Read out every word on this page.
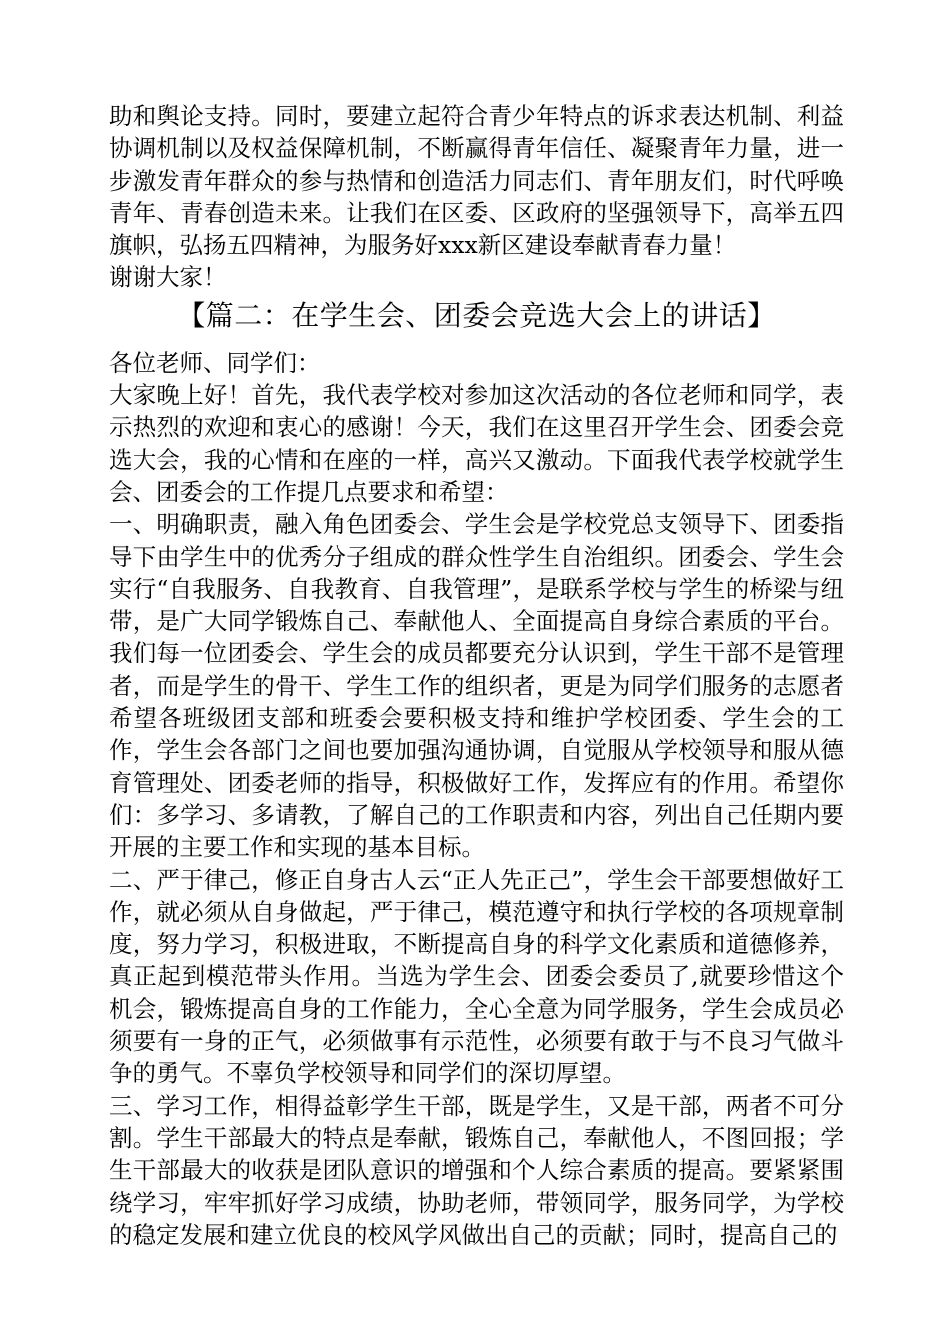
助和舆论支持。同时，要建立起符合青少年特点的诉求表达机制、利益协调机制以及权益保障机制，不断赢得青年信任、凝聚青年力量，进一步激发青年群众的参与热情和创造活力同志们、青年朋友们，时代呼唤青年、青春创造未来。让我们在区委、区政府的坚强领导下，高举五四旗帜，弘扬五四精神，为服务好xxx新区建设奉献青春力量！

谢谢大家！

【篇二：在学生会、团委会竞选大会上的讲话】

各位老师、同学们：

大家晚上好！首先，我代表学校对参加这次活动的各位老师和同学，表示热烈的欢迎和衷心的感谢！今天，我们在这里召开学生会、团委会竞选大会，我的心情和在座的一样，高兴又激动。下面我代表学校就学生会、团委会的工作提几点要求和希望：

一、明确职责，融入角色团委会、学生会是学校党总支领导下、团委指导下由学生中的优秀分子组成的群众性学生自治组织。团委会、学生会实行“自我服务、自我教育、自我管理”，是联系学校与学生的桥梁与纽带，是广大同学锻炼自己、奉献他人、全面提高自身综合素质的平台。我们每一位团委会、学生会的成员都要充分认识到，学生干部不是管理者，而是学生的骨干、学生工作的组织者，更是为同学们服务的志愿者希望各班级团支部和班委会要积极支持和维护学校团委、学生会的工作，学生会各部门之间也要加强沟通协调，自觉服从学校领导和服从德育管理处、团委老师的指导，积极做好工作，发挥应有的作用。希望你们：多学习、多请教，了解自己的工作职责和内容，列出自己任期内要开展的主要工作和实现的基本目标。

二、严于律己，修正自身古人云“正人先正己”，学生会干部要想做好工作，就必须从自身做起，严于律己，模范遵守和执行学校的各项规章制度，努力学习，积极进取，不断提高自身的科学文化素质和道德修养，真正起到模范带头作用。当选为学生会、团委会委员了,就要珍惜这个机会，锻炼提高自身的工作能力，全心全意为同学服务，学生会成员必须要有一身的正气，必须做事有示范性，必须要有敢于与不良习气做斗争的勇气。不辜负学校领导和同学们的深切厚望。

三、学习工作，相得益彰学生干部，既是学生，又是干部，两者不可分割。学生干部最大的特点是奉献，锻炼自己，奉献他人，不图回报；学生干部最大的收获是团队意识的增强和个人综合素质的提高。要紧紧围绕学习，牢牢抓好学习成绩，协助老师，带领同学，服务同学，为学校的稳定发展和建立优良的校风学风做出自己的贡献；同时，提高自己的
